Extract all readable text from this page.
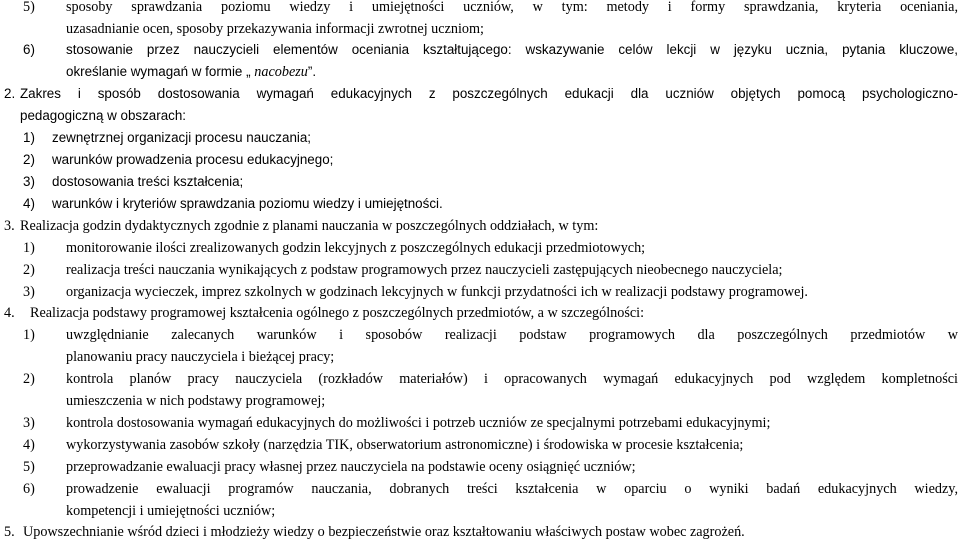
5) sposoby sprawdzania poziomu wiedzy i umiejętności uczniów, w tym: metody i formy sprawdzania, kryteria oceniania,
uzasadnianie ocen, sposoby przekazywania informacji zwrotnej uczniom;
6) stosowanie przez nauczycieli elementów oceniania kształtującego: wskazywanie celów lekcji w języku ucznia, pytania kluczowe,
określanie wymagań w formie „ nacobezu”.
2. Zakres i sposób dostosowania wymagań edukacyjnych z poszczególnych edukacji dla uczniów objętych pomocą psychologiczno-
pedagogiczną w obszarach:
1) zewnętrznej organizacji procesu nauczania;
2) warunków prowadzenia procesu edukacyjnego;
3) dostosowania treści kształcenia;
4) warunków i kryteriów sprawdzania poziomu wiedzy i umiejętności.
3. Realizacja godzin dydaktycznych zgodnie z planami nauczania w poszczególnych oddziałach, w tym:
1) monitorowanie ilości zrealizowanych godzin lekcyjnych z poszczególnych edukacji przedmiotowych;
2) realizacja treści nauczania wynikających z podstaw programowych przez nauczycieli zastępujących nieobecnego nauczyciela;
3) organizacja wycieczek, imprez szkolnych w godzinach lekcyjnych w funkcji przydatności ich w realizacji podstawy programowej.
4. Realizacja podstawy programowej kształcenia ogólnego z poszczególnych przedmiotów, a w szczególności:
1) uwzględnianie zalecanych warunków i sposobów realizacji podstaw programowych dla poszczególnych przedmiotów w
planowaniu pracy nauczyciela i bieżącej pracy;
2) kontrola planów pracy nauczyciela (rozkładów materiałów) i opracowanych wymagań edukacyjnych pod względem kompletności
umieszczenia w nich podstawy programowej;
3) kontrola dostosowania wymagań edukacyjnych do możliwości i potrzeb uczniów ze specjalnymi potrzebami edukacyjnymi;
4) wykorzystywania zasobów szkoły (narzędzia TIK, obserwatorium astronomiczne) i środowiska w procesie kształcenia;
5) przeprowadzanie ewaluacji pracy własnej przez nauczyciela na podstawie oceny osiągnięć uczniów;
6) prowadzenie ewaluacji programów nauczania, dobranych treści kształcenia w oparciu o wyniki badań edukacyjnych wiedzy,
kompetencji i umiejętności uczniów;
5. Upowszechnianie wśród dzieci i młodzieży wiedzy o bezpieczeństwie oraz kształtowaniu właściwych postaw wobec zagrożeń.
